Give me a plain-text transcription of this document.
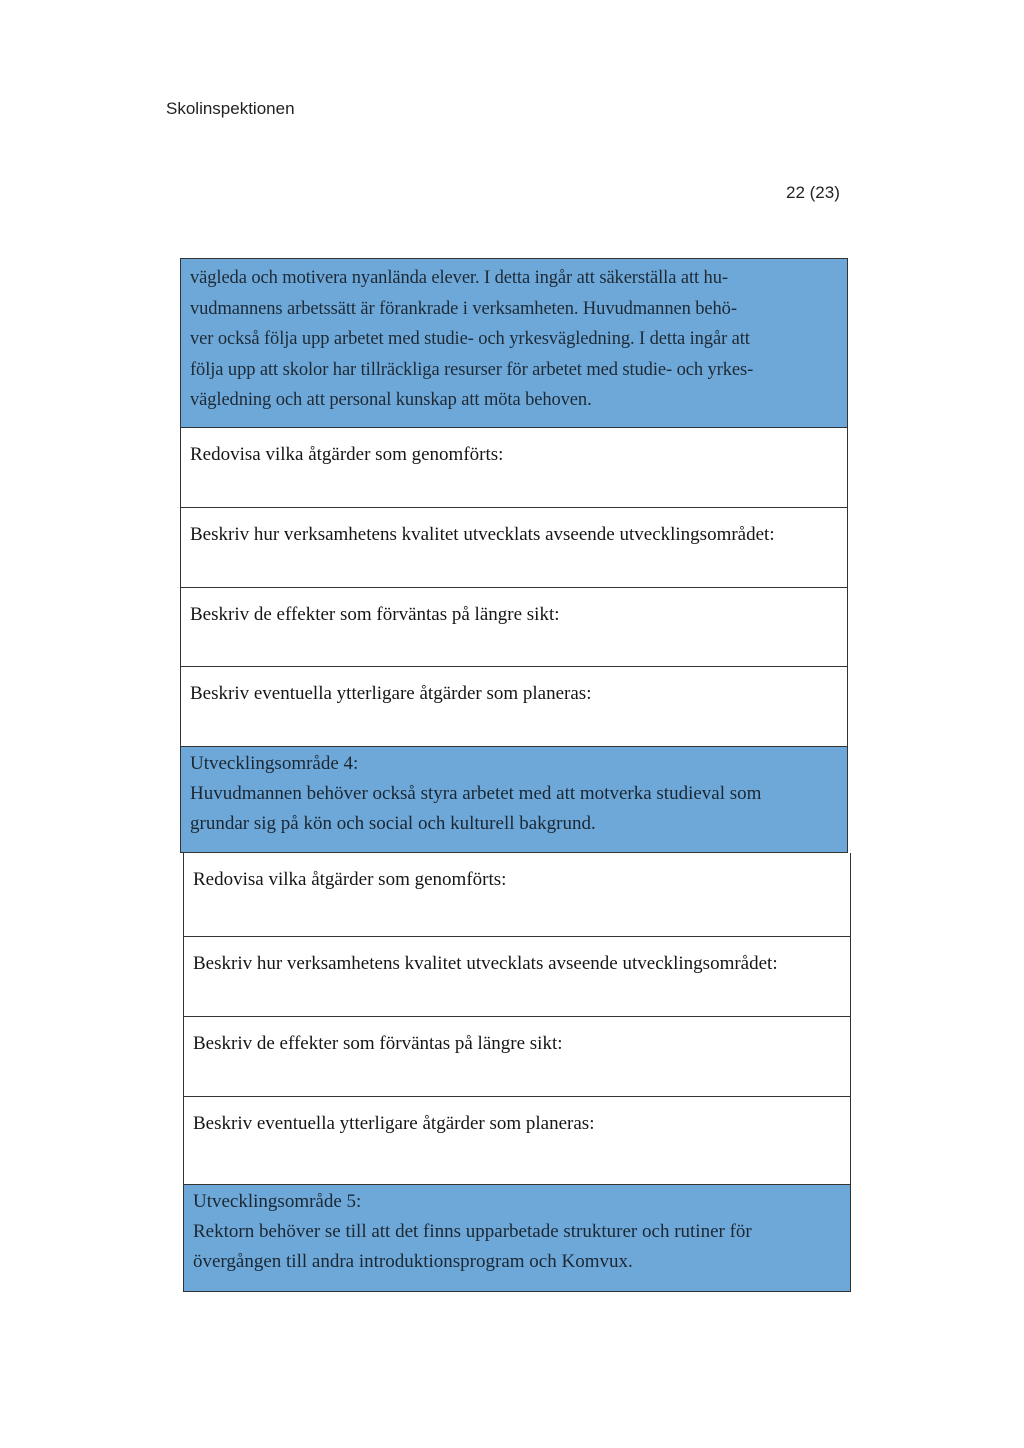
Skolinspektionen
22 (23)

vägleda och motivera nyanlända elever. I detta ingår att säkerställa att hu-

vudmannens arbetssätt är förankrade i verksamheten. Huvudmannen behö-

ver också följa upp arbetet med studie- och yrkesvägledning. I detta ingår att

följa upp att skolor har tillräckliga resurser för arbetet med studie- och yrkes-

vägledning och att personal kunskap att möta behoven.

Redovisa vilka åtgärder som genomförts:

Beskriv hur verksamhetens kvalitet utvecklats avseende utvecklingsområdet:

Beskriv de effekter som förväntas på längre sikt:

Beskriv eventuella ytterligare åtgärder som planeras:

Utvecklingsområde 4:

Huvudmannen behöver också styra arbetet med att motverka studieval som

grundar sig på kön och social och kulturell bakgrund.

Redovisa vilka åtgärder som genomförts:

Beskriv hur verksamhetens kvalitet utvecklats avseende utvecklingsområdet:

Beskriv de effekter som förväntas på längre sikt:

Beskriv eventuella ytterligare åtgärder som planeras:

Utvecklingsområde 5:

Rektorn behöver se till att det finns upparbetade strukturer och rutiner för

övergången till andra introduktionsprogram och Komvux.
